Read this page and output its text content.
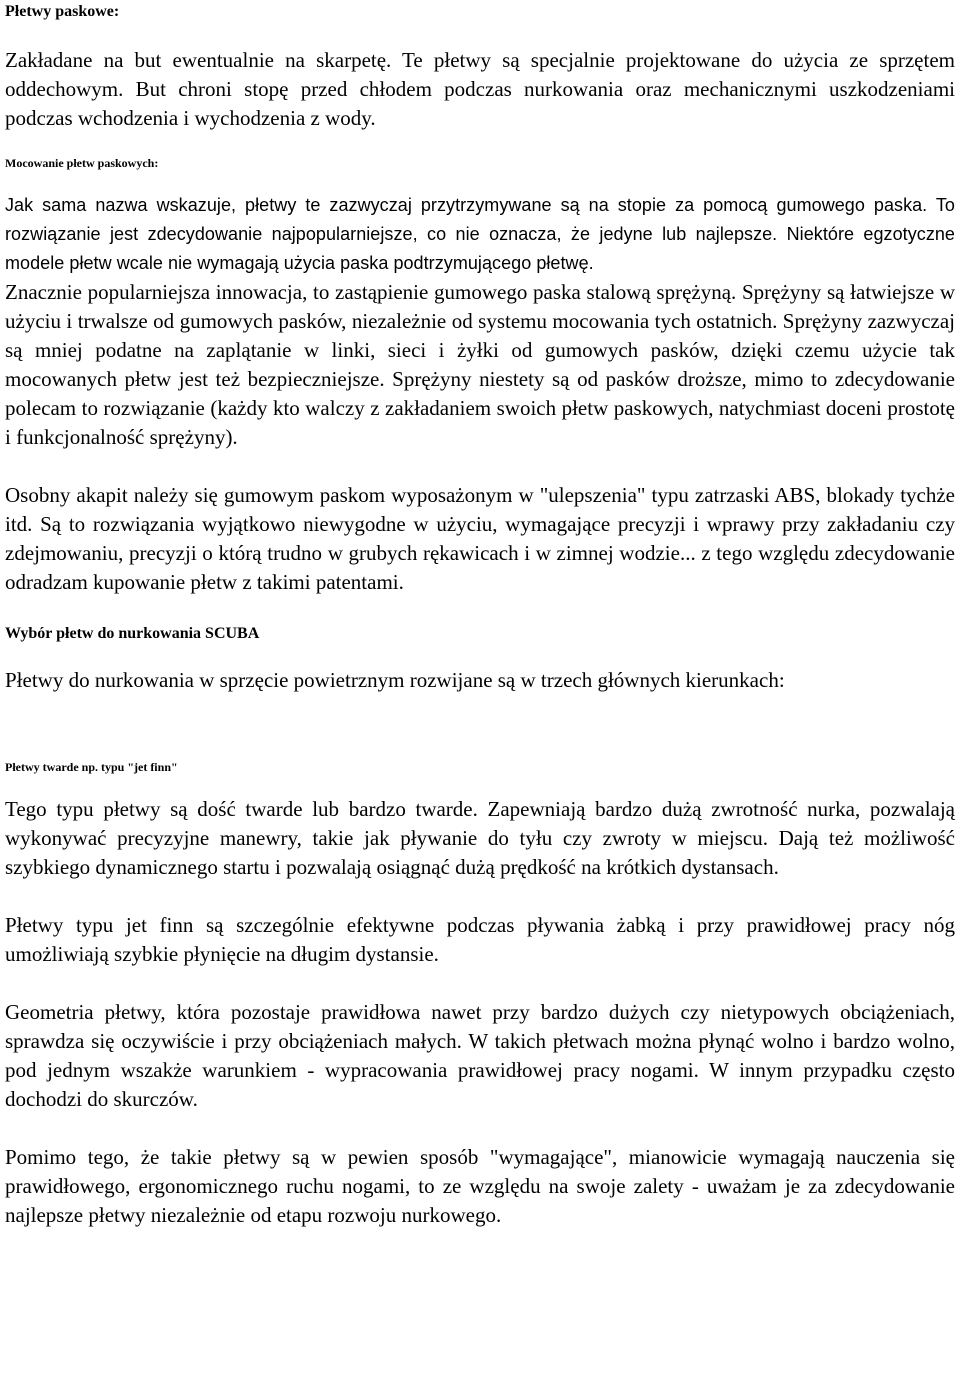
Płetwy paskowe:

Zakładane na but ewentualnie na skarpetę. Te płetwy są specjalnie projektowane do użycia ze sprzętem oddechowym. But chroni stopę przed chłodem podczas nurkowania oraz mechanicznymi uszkodzeniami podczas wchodzenia i wychodzenia z wody.

Mocowanie płetw paskowych:

Jak sama nazwa wskazuje, płetwy te zazwyczaj przytrzymywane są na stopie za pomocą gumowego paska. To rozwiązanie jest zdecydowanie najpopularniejsze, co nie oznacza, że jedyne lub najlepsze. Niektóre egzotyczne modele płetw wcale nie wymagają użycia paska podtrzymującego płetwę.

Znacznie popularniejsza innowacja, to zastąpienie gumowego paska stalową sprężyną. Sprężyny są łatwiejsze w użyciu i trwalsze od gumowych pasków, niezależnie od systemu mocowania tych ostatnich. Sprężyny zazwyczaj są mniej podatne na zaplątanie w linki, sieci i żyłki od gumowych pasków, dzięki czemu użycie tak mocowanych płetw jest też bezpieczniejsze. Sprężyny niestety są od pasków droższe, mimo to zdecydowanie polecam to rozwiązanie (każdy kto walczy z zakładaniem swoich płetw paskowych, natychmiast doceni prostotę i funkcjonalność sprężyny).

Osobny akapit należy się gumowym paskom wyposażonym w "ulepszenia" typu zatrzaski ABS, blokady tychże itd. Są to rozwiązania wyjątkowo niewygodne w użyciu, wymagające precyzji i wprawy przy zakładaniu czy zdejmowaniu, precyzji o którą trudno w grubych rękawicach i w zimnej wodzie... z tego względu zdecydowanie odradzam kupowanie płetw z takimi patentami.

Wybór płetw do nurkowania SCUBA

Płetwy do nurkowania w sprzęcie powietrznym rozwijane są w trzech głównych kierunkach:

Płetwy twarde np. typu "jet finn"

Tego typu płetwy są dość twarde lub bardzo twarde. Zapewniają bardzo dużą zwrotność nurka, pozwalają wykonywać precyzyjne manewry, takie jak pływanie do tyłu czy zwroty w miejscu. Dają też możliwość szybkiego dynamicznego startu i pozwalają osiągnąć dużą prędkość na krótkich dystansach.

Płetwy typu jet finn są szczególnie efektywne podczas pływania żabką i przy prawidłowej pracy nóg umożliwiają szybkie płynięcie na długim dystansie.

Geometria płetwy, która pozostaje prawidłowa nawet przy bardzo dużych czy nietypowych obciążeniach, sprawdza się oczywiście i przy obciążeniach małych. W takich płetwach można płynąć wolno i bardzo wolno, pod jednym wszakże warunkiem - wypracowania prawidłowej pracy nogami. W innym przypadku często dochodzi do skurczów.

Pomimo tego, że takie płetwy są w pewien sposób "wymagające", mianowicie wymagają nauczenia się prawidłowego, ergonomicznego ruchu nogami, to ze względu na swoje zalety - uważam je za zdecydowanie najlepsze płetwy niezależnie od etapu rozwoju nurkowego.
